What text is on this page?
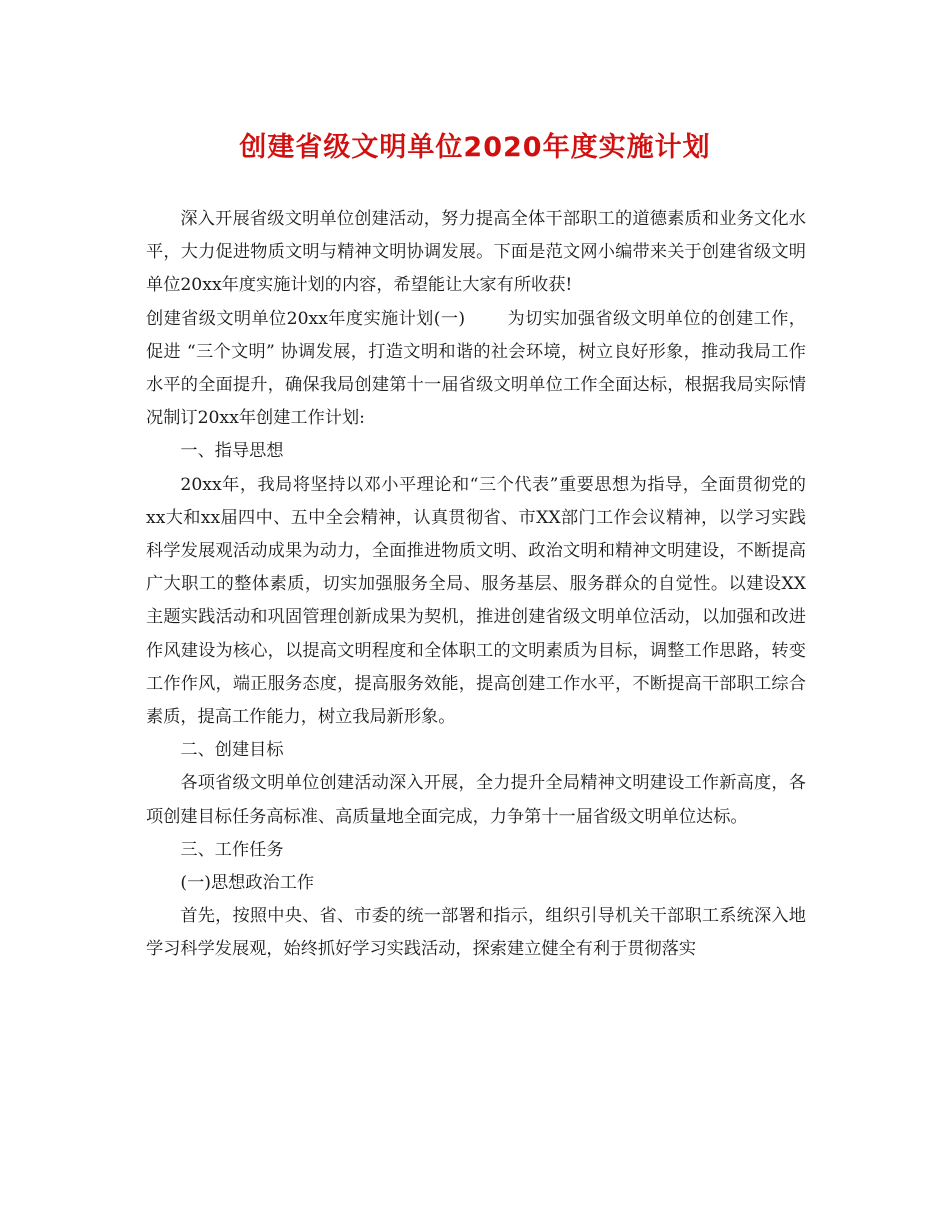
创建省级文明单位2020年度实施计划

深入开展省级文明单位创建活动，努力提高全体干部职工的道德素质和业务文化水平，大力促进物质文明与精神文明协调发展。下面是范文网小编带来关于创建省级文明单位20xx年度实施计划的内容，希望能让大家有所收获!

创建省级文明单位20xx年度实施计划(一) 为切实加强省级文明单位的创建工作，促进 “三个文明” 协调发展，打造文明和谐的社会环境，树立良好形象，推动我局工作水平的全面提升，确保我局创建第十一届省级文明单位工作全面达标，根据我局实际情况制订20xx年创建工作计划:

一、指导思想

20xx年，我局将坚持以邓小平理论和“三个代表”重要思想为指导，全面贯彻党的xx大和xx届四中、五中全会精神，认真贯彻省、市XX部门工作会议精神，以学习实践科学发展观活动成果为动力，全面推进物质文明、政治文明和精神文明建设，不断提高广大职工的整体素质，切实加强服务全局、服务基层、服务群众的自觉性。以建设XX主题实践活动和巩固管理创新成果为契机，推进创建省级文明单位活动，以加强和改进作风建设为核心，以提高文明程度和全体职工的文明素质为目标，调整工作思路，转变工作作风，端正服务态度，提高服务效能，提高创建工作水平，不断提高干部职工综合素质，提高工作能力，树立我局新形象。

二、创建目标

各项省级文明单位创建活动深入开展，全力提升全局精神文明建设工作新高度，各项创建目标任务高标准、高质量地全面完成，力争第十一届省级文明单位达标。

三、工作任务

(一)思想政治工作

首先，按照中央、省、市委的统一部署和指示，组织引导机关干部职工系统深入地学习科学发展观，始终抓好学习实践活动，探索建立健全有利于贯彻落实
